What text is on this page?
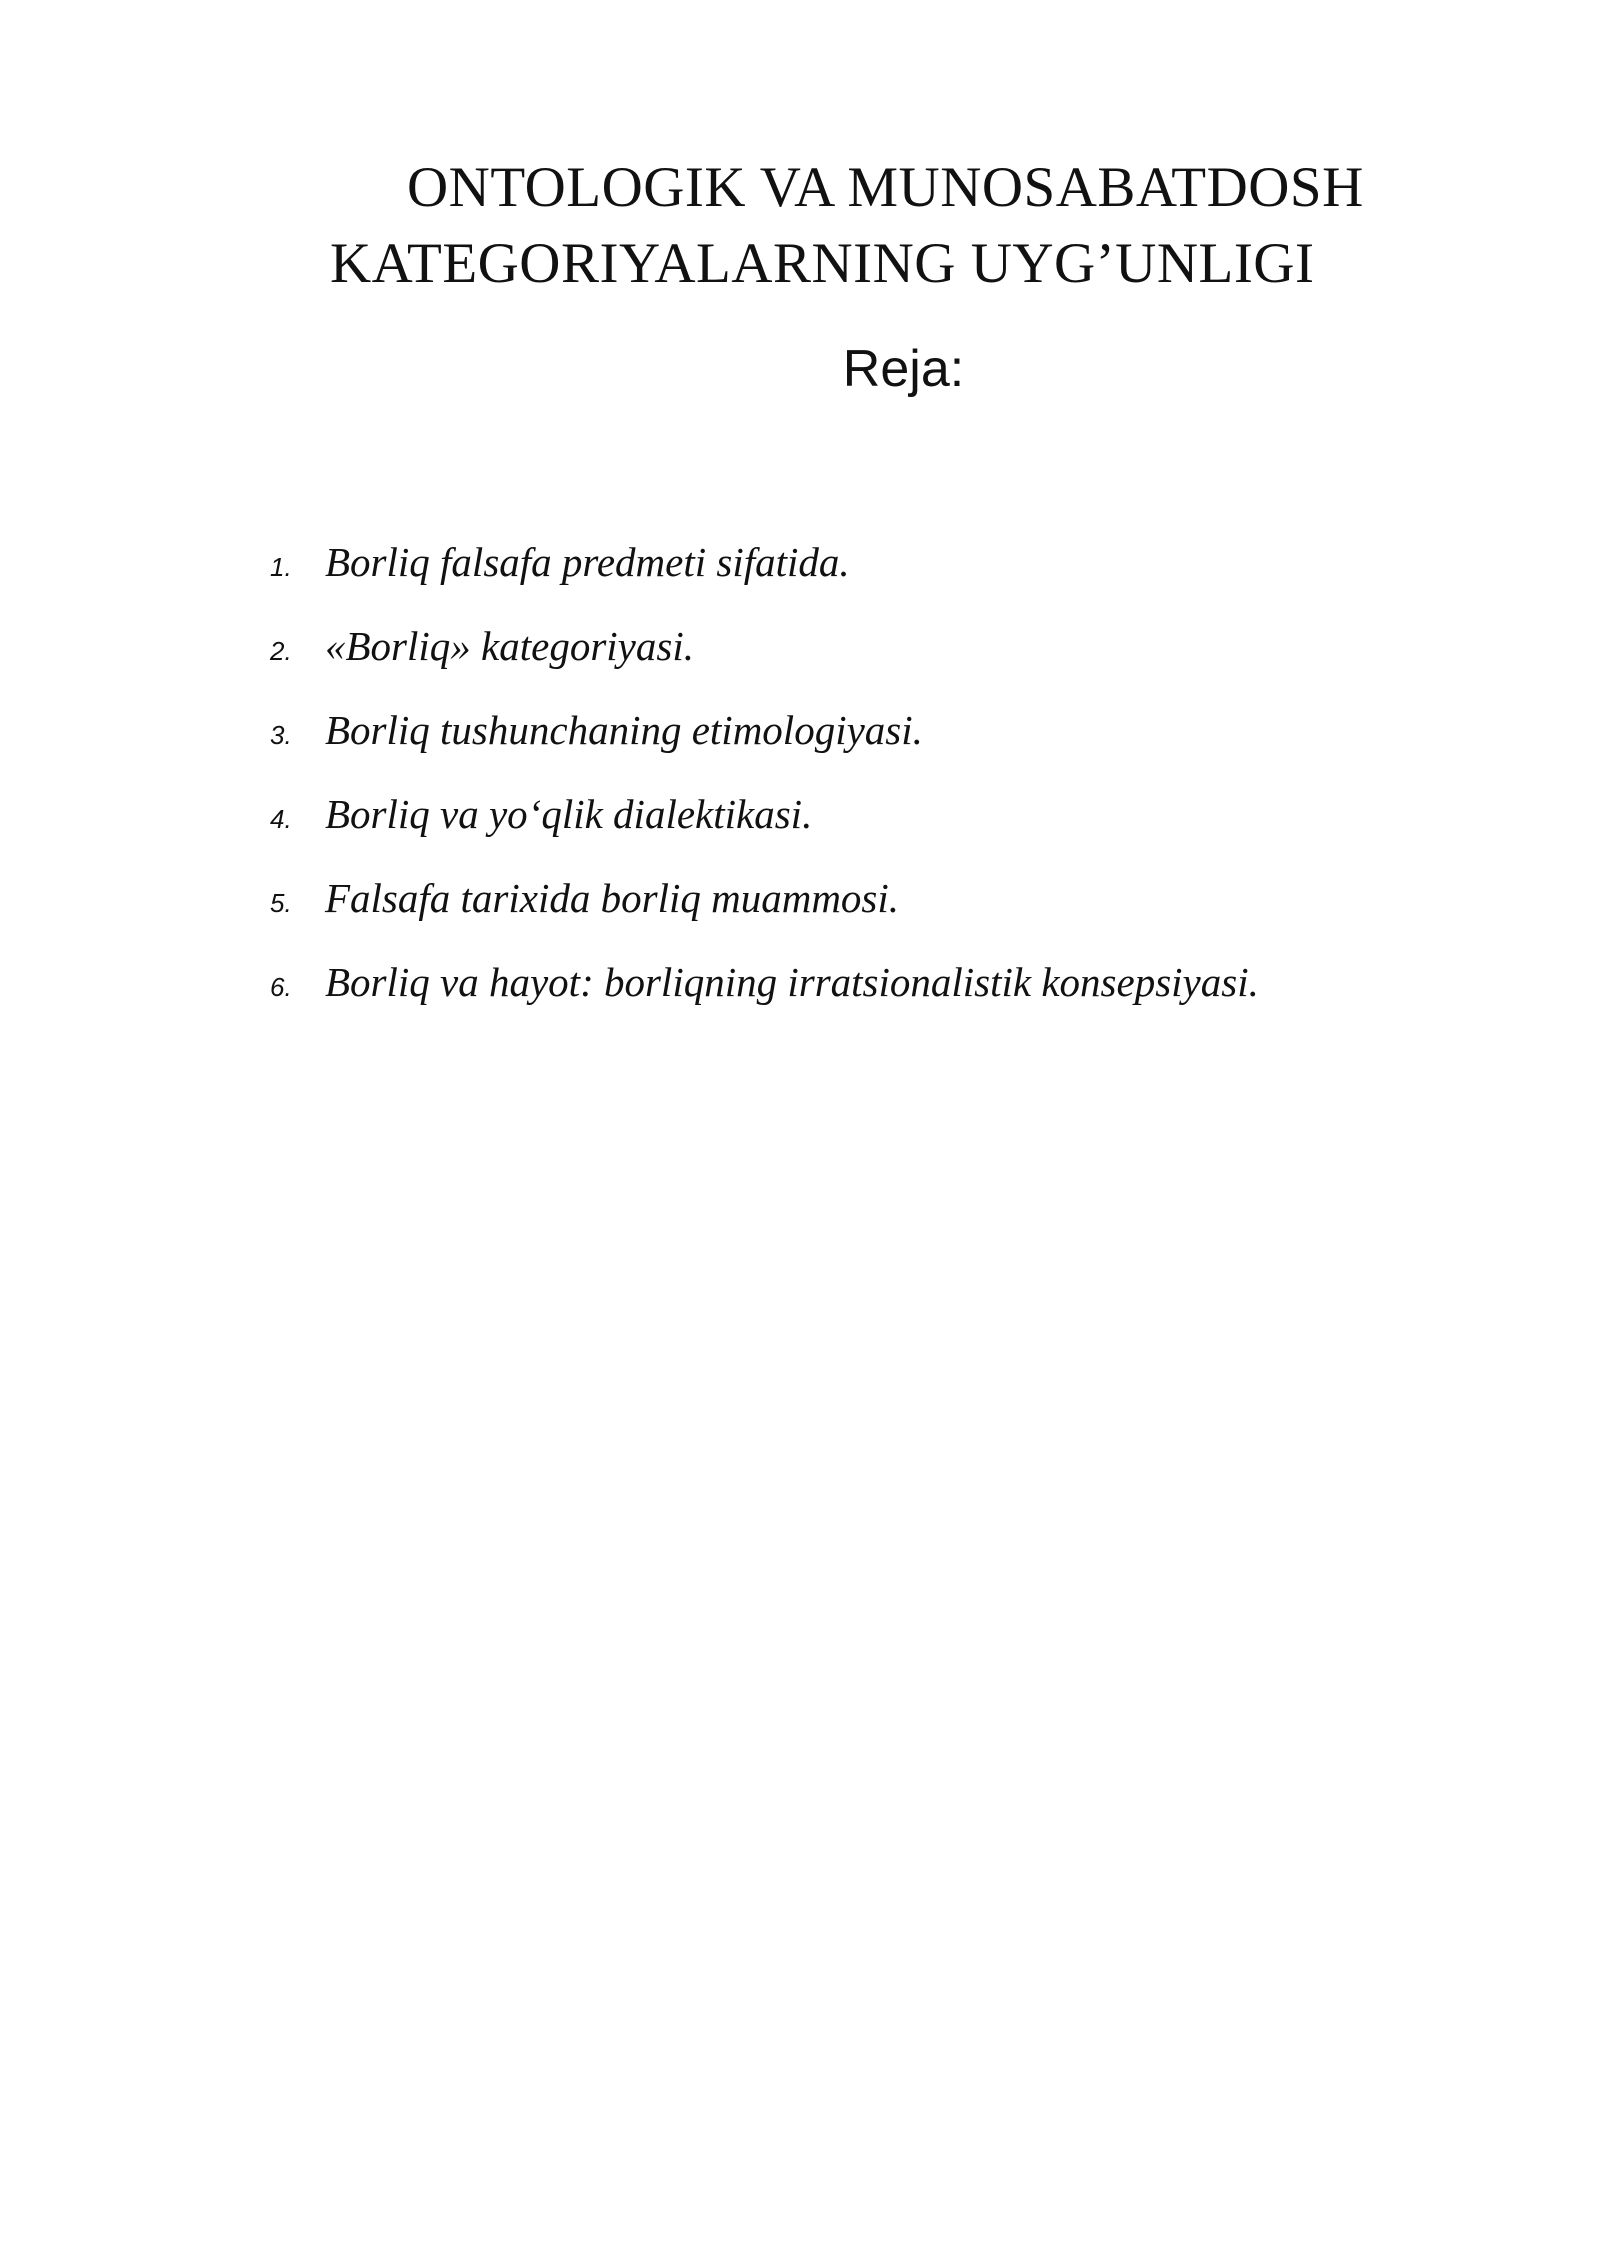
ONTOLOGIK VA MUNOSABATDOSH
KATEGORIYALARNING UYG’UNLIGI
Reja:
1. Borliq falsafa predmeti sifatida.
2. «Borliq» kategoriyasi.
3. Borliq tushunchaning etimologiyasi.
4. Borliq va yo‘qlik dialektikasi.
5. Falsafa tarixida borliq muammosi.
6. Borliq va hayot: borliqning irratsionalistik konsepsiyasi.
